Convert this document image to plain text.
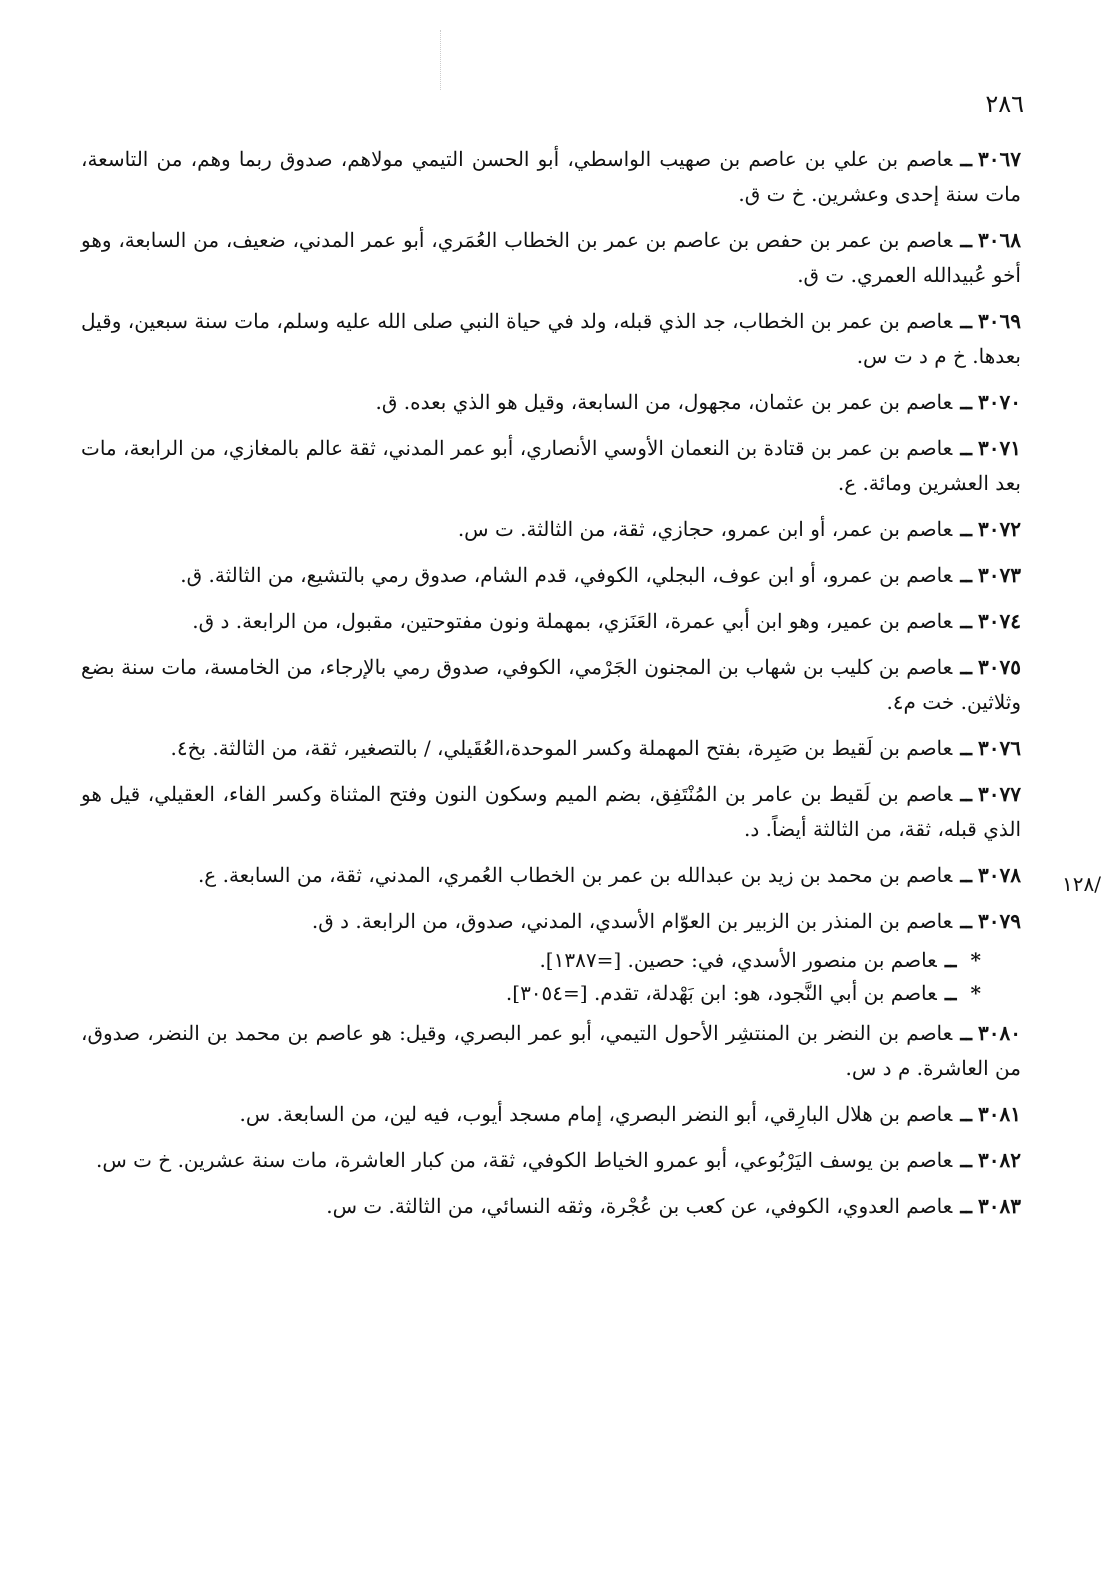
٢٨٦
/١٢٨
٣٠٦٧ــعاصم بن علي بن عاصم بن صهيب الواسطي، أبو الحسن التيمي مولاهم، صدوق ربما وهم، من التاسعة، مات سنة إحدى وعشرين. خ ت ق.
٣٠٦٨ــعاصم بن عمر بن حفص بن عاصم بن عمر بن الخطاب العُمَري، أبو عمر المدني، ضعيف، من السابعة، وهو أخو عُبيدالله العمري. ت ق.
٣٠٦٩ــعاصم بن عمر بن الخطاب، جد الذي قبله، ولد في حياة النبي صلى الله عليه وسلم، مات سنة سبعين، وقيل بعدها. خ م د ت س.
٣٠٧٠ــعاصم بن عمر بن عثمان، مجهول، من السابعة، وقيل هو الذي بعده. ق.
٣٠٧١ــعاصم بن عمر بن قتادة بن النعمان الأوسي الأنصاري، أبو عمر المدني، ثقة عالم بالمغازي، من الرابعة، مات بعد العشرين ومائة. ع.
٣٠٧٢ــعاصم بن عمر، أو ابن عمرو، حجازي، ثقة، من الثالثة. ت س.
٣٠٧٣ــعاصم بن عمرو، أو ابن عوف، البجلي، الكوفي، قدم الشام، صدوق رمي بالتشيع، من الثالثة. ق.
٣٠٧٤ــعاصم بن عمير، وهو ابن أبي عمرة، العَنَزي، بمهملة ونون مفتوحتين، مقبول، من الرابعة. د ق.
٣٠٧٥ــعاصم بن كليب بن شهاب بن المجنون الجَرْمي، الكوفي، صدوق رمي بالإرجاء، من الخامسة، مات سنة بضع وثلاثين. خت م٤.
٣٠٧٦ــعاصم بن لَقيط بن صَبِرة، بفتح المهملة وكسر الموحدة،العُقَيلي، / بالتصغير، ثقة، من الثالثة. بخ٤.
٣٠٧٧ــعاصم بن لَقيط بن عامر بن المُنْتَفِق، بضم الميم وسكون النون وفتح المثناة وكسر الفاء، العقيلي، قيل هو الذي قبله، ثقة، من الثالثة أيضاً. د.
٣٠٧٨ــعاصم بن محمد بن زيد بن عبدالله بن عمر بن الخطاب العُمري، المدني، ثقة، من السابعة. ع.
٣٠٧٩ــعاصم بن المنذر بن الزبير بن العوّام الأسدي، المدني، صدوق، من الرابعة. د ق.
*ــعاصم بن منصور الأسدي، في: حصين. [=١٣٨٧].
*ــعاصم بن أبي النَّجود، هو: ابن بَهْدلة، تقدم. [=٣٠٥٤].
٣٠٨٠ــعاصم بن النضر بن المنتشِر الأحول التيمي، أبو عمر البصري، وقيل: هو عاصم بن محمد بن النضر، صدوق، من العاشرة. م د س.
٣٠٨١ــعاصم بن هلال البارِقي، أبو النضر البصري، إمام مسجد أيوب، فيه لين، من السابعة. س.
٣٠٨٢ــعاصم بن يوسف اليَرْبُوعي، أبو عمرو الخياط الكوفي، ثقة، من كبار العاشرة، مات سنة عشرين. خ ت س.
٣٠٨٣ــعاصم العدوي، الكوفي، عن كعب بن عُجْرة، وثقه النسائي، من الثالثة. ت س.
